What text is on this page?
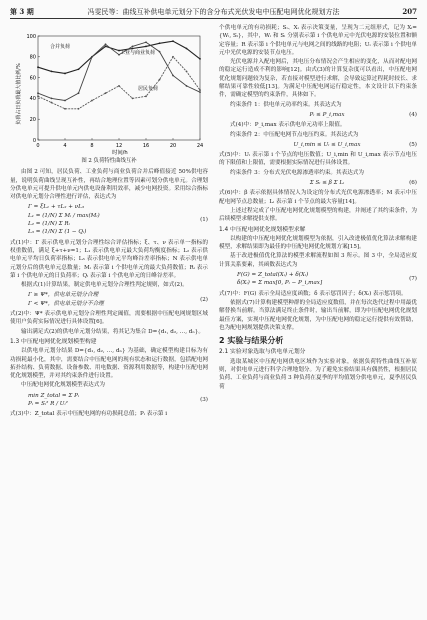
第 3 期	冯雯民等：曲线互补供电单元划分下的含分布式光伏发电中压配电网优化规划方法	207
负荷占日负荷最大值比例/%
时间/h
合并负荷
工业与商业负荷
居民负荷
0
20
40
60
80
100
0	4	8	12	16	20	24
图 2 负荷特性曲线互补

由图 2 可知，居民负荷、工业负荷与商业负荷合并后峰值接近 50%供电容量，说明负荷曲线呈现互补性，再结合地理位置等因素可划分供电单元。合理划分供电单元可提升供电单元内供电设备利用效率，减少电网投资。采用综合指标对供电单元划分合理性进行评估，表达式为

Γ = ξL₁ + τL₂ + νL₃
L₁ = (1/N) Σ Mᵢ / max(Mᵢ)
L₂ = (1/N) Σ Rᵢ
L₃ = (1/N) Σ (1 − Qᵢ)
(1)

式(1)中：Γ 表示供电单元划分合理性综合评估指标；ξ、τ、ν 表示单一指标的权重数值，满足 ξ+τ+ν=1；L₁ 表示供电单元最大负荷均衡度指标；L₂ 表示供电单元平均日负荷率指标；L₃ 表示供电单元平均峰谷差率指标；N 表示供电单元划分后的供电单元总数量；Mᵢ 表示第 i 个供电单元的最大负荷数值；Rᵢ 表示第 i 个供电单元的日负荷率；Qᵢ 表示第 i 个供电单元的日峰谷差率。

根据式(1)计算结果，制定供电单元划分合理性判定规则，如式(2)。

Γ ≥ Ψ*，供电单元划分合理
Γ < Ψ*，供电单元划分不合理
(2)

式(2)中：Ψ* 表示供电单元划分合理性判定阈值，需要根据中压配电网规划区域使用户负荷实际情况进行具体设置[6]。

输出满足式(2)的供电单元划分结果，将其记为集合 D={d₁, d₂, …, dₙ}。

1.3 中压配电网优化规划模型构建

以供电单元划分结果 D={d₁, d₂, …, dₙ} 为基础，确定模型构建目标为有功损耗最小化，其中，需要结合中压配电网的现有状态和运行数据，包括配电网拓扑结构、负荷数据、设备参数、用电数据、资源利用数据等，构建中压配电网优化规划模型，并对其约束条件进行设置。

中压配电网优化规划模型表达式为

min Z_total = Σ Pᵢ
Pᵢ = Sᵢ² R / Uᵢ²
(3)

式(3)中：Z_total 表示中压配电网的有功损耗总值；Pᵢ 表示第 i

个供电单元的有功损耗；Sᵢ、Xᵢ 表示决策变量，呈现为二元组形式，记为 Xᵢ={Wᵢ, Sᵢ}，其中，Wᵢ 和 Sᵢ 分别表示第 i 个供电单元中光伏电源的安装位置和额定容量；R 表示第 i 个供电单元与电网之间的线路的电阻；Uᵢ 表示第 i 个供电单元中光伏电源的安装节点电压。

光伏电源并入配电网后，其电压分布情况会产生相应的变化，从而对配电网的稳定运行造成不利的影响[12]。由式(3)的计算复杂度可以看出，中压配电网优化规划问题较为复杂，若直接对模型进行求解，会导致运算过程耗时较长、求解结果可靠性较低[13]。为满足中压配电网运行稳定性，本文设计以下约束条件，需确定模型的约束条件，具体如下。

约束条件 1：供电单元功率约束。其表达式为

Pᵢ ≤ P_i,max	(4)

式(4)中：P_i,max 表示供电单元功率上限值。

约束条件 2：中压配电网节点电压约束。其表达式为

U_i,min ≤ Uᵢ ≤ U_i,max	(5)

式(5)中：Uᵢ 表示第 i 个节点的电压数值；U_i,min 和 U_i,max 表示节点电压的下限值和上限值，需要根据实际情况进行具体设置。

约束条件 3：分布式光伏电源渗透率约束。其表达式为

Σ Sᵢ ≤ β Σ Lᵢ	(6)

式(6)中：β 表示依据具体情况人为设定的分布式光伏电源渗透率；M 表示中压配电网节点总数量；Lᵢ 表示第 i 个节点的最大容量[14]。

上述过程完成了中压配电网优化规划模型的构建，并阐述了其约束条件，为后续模型求解提供支撑。

1.4 中压配电网优化规划模型求解

以构建的中压配电网优化规划模型为依据，引入改进极值优化算法求解构建模型，求解结果即为最佳的中压配电网优化规划方案[15]。

基于改进极值优化算法的模型求解流程如图 3 所示。图 3 中，全局适应度计算关系要素，其函数表达式为

F(G) = Z_total(Xᵢ) + δ(Xᵢ)
δ(Xᵢ) = Σ max[0, Pᵢ − P_i,max]
(7)

式(7)中：F(G) 表示全局适应度函数；δ 表示惩罚因子；δ(Xᵢ) 表示惩罚项。

依据式(7)计算构建模型种群的全局适应度数值，并在每次迭代过程中用最优解替换当前解。当算法满足终止条件时，输出当前解，即为中压配电网优化规划最佳方案，实现中压配电网优化规划，为中压配电网的稳定运行提供有效帮助，也为配电网规划提供决策支撑。

2 实验与结果分析
2.1 实验对象选取与供电单元划分

选取某城区中压配电网供电区域作为实验对象，依据负荷特性曲线互补原则，对供电单元进行科学合理地划分。为了避免实验结果具有偶然性，根据居民负荷、工业负荷与商业负荷 3 种负荷在夏季的平均值划分供电单元，夏季居民负荷
